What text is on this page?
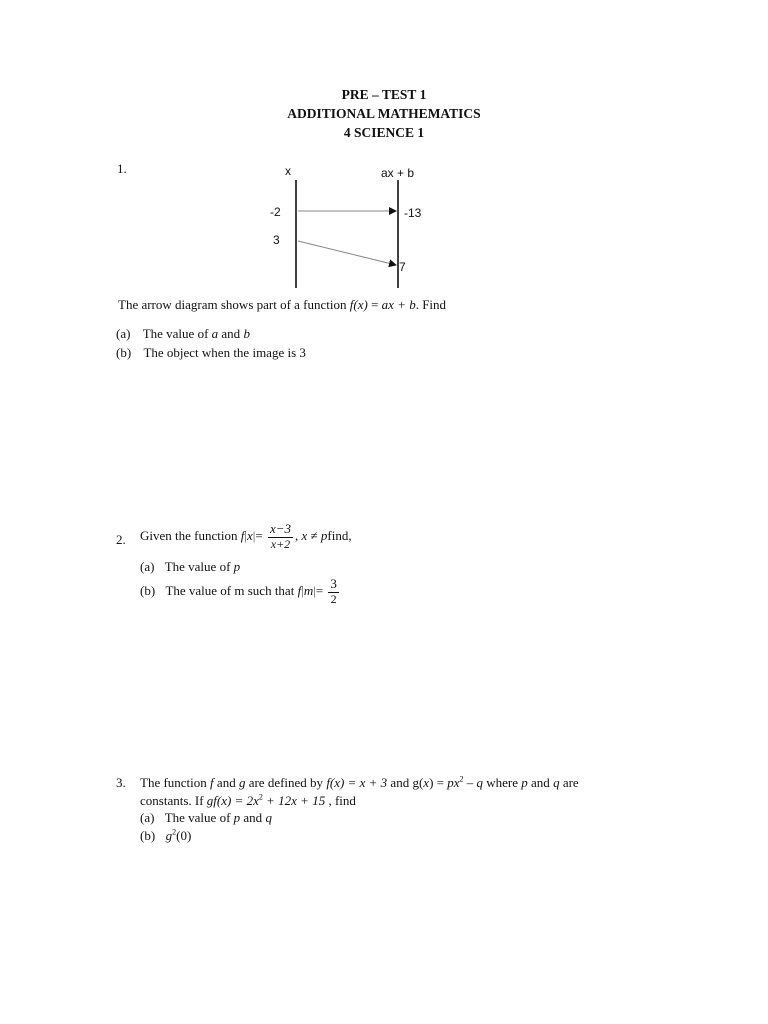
PRE – TEST 1
ADDITIONAL MATHEMATICS
4 SCIENCE 1
1.	x	ax + b
-2
3
-13
7
The arrow diagram shows part of a function f(x) = ax + b. Find
(a) The value of a and b
(b) The object when the image is 3
2. Given the function $f|x|= \frac{x-3}{x+2}$ , x ≠ pfind,
(a) The value of p
(b) The value of m such that $f|m|= \frac{3}{2}$
3. The function f and g are defined by f(x) = x + 3 and $g(x) = px^2 - q$ where p and q are
constants. If $gf(x) = 2x^2 + 12x + 15$ , find
(a) The value of p and q
(b) $g^2(0)$
